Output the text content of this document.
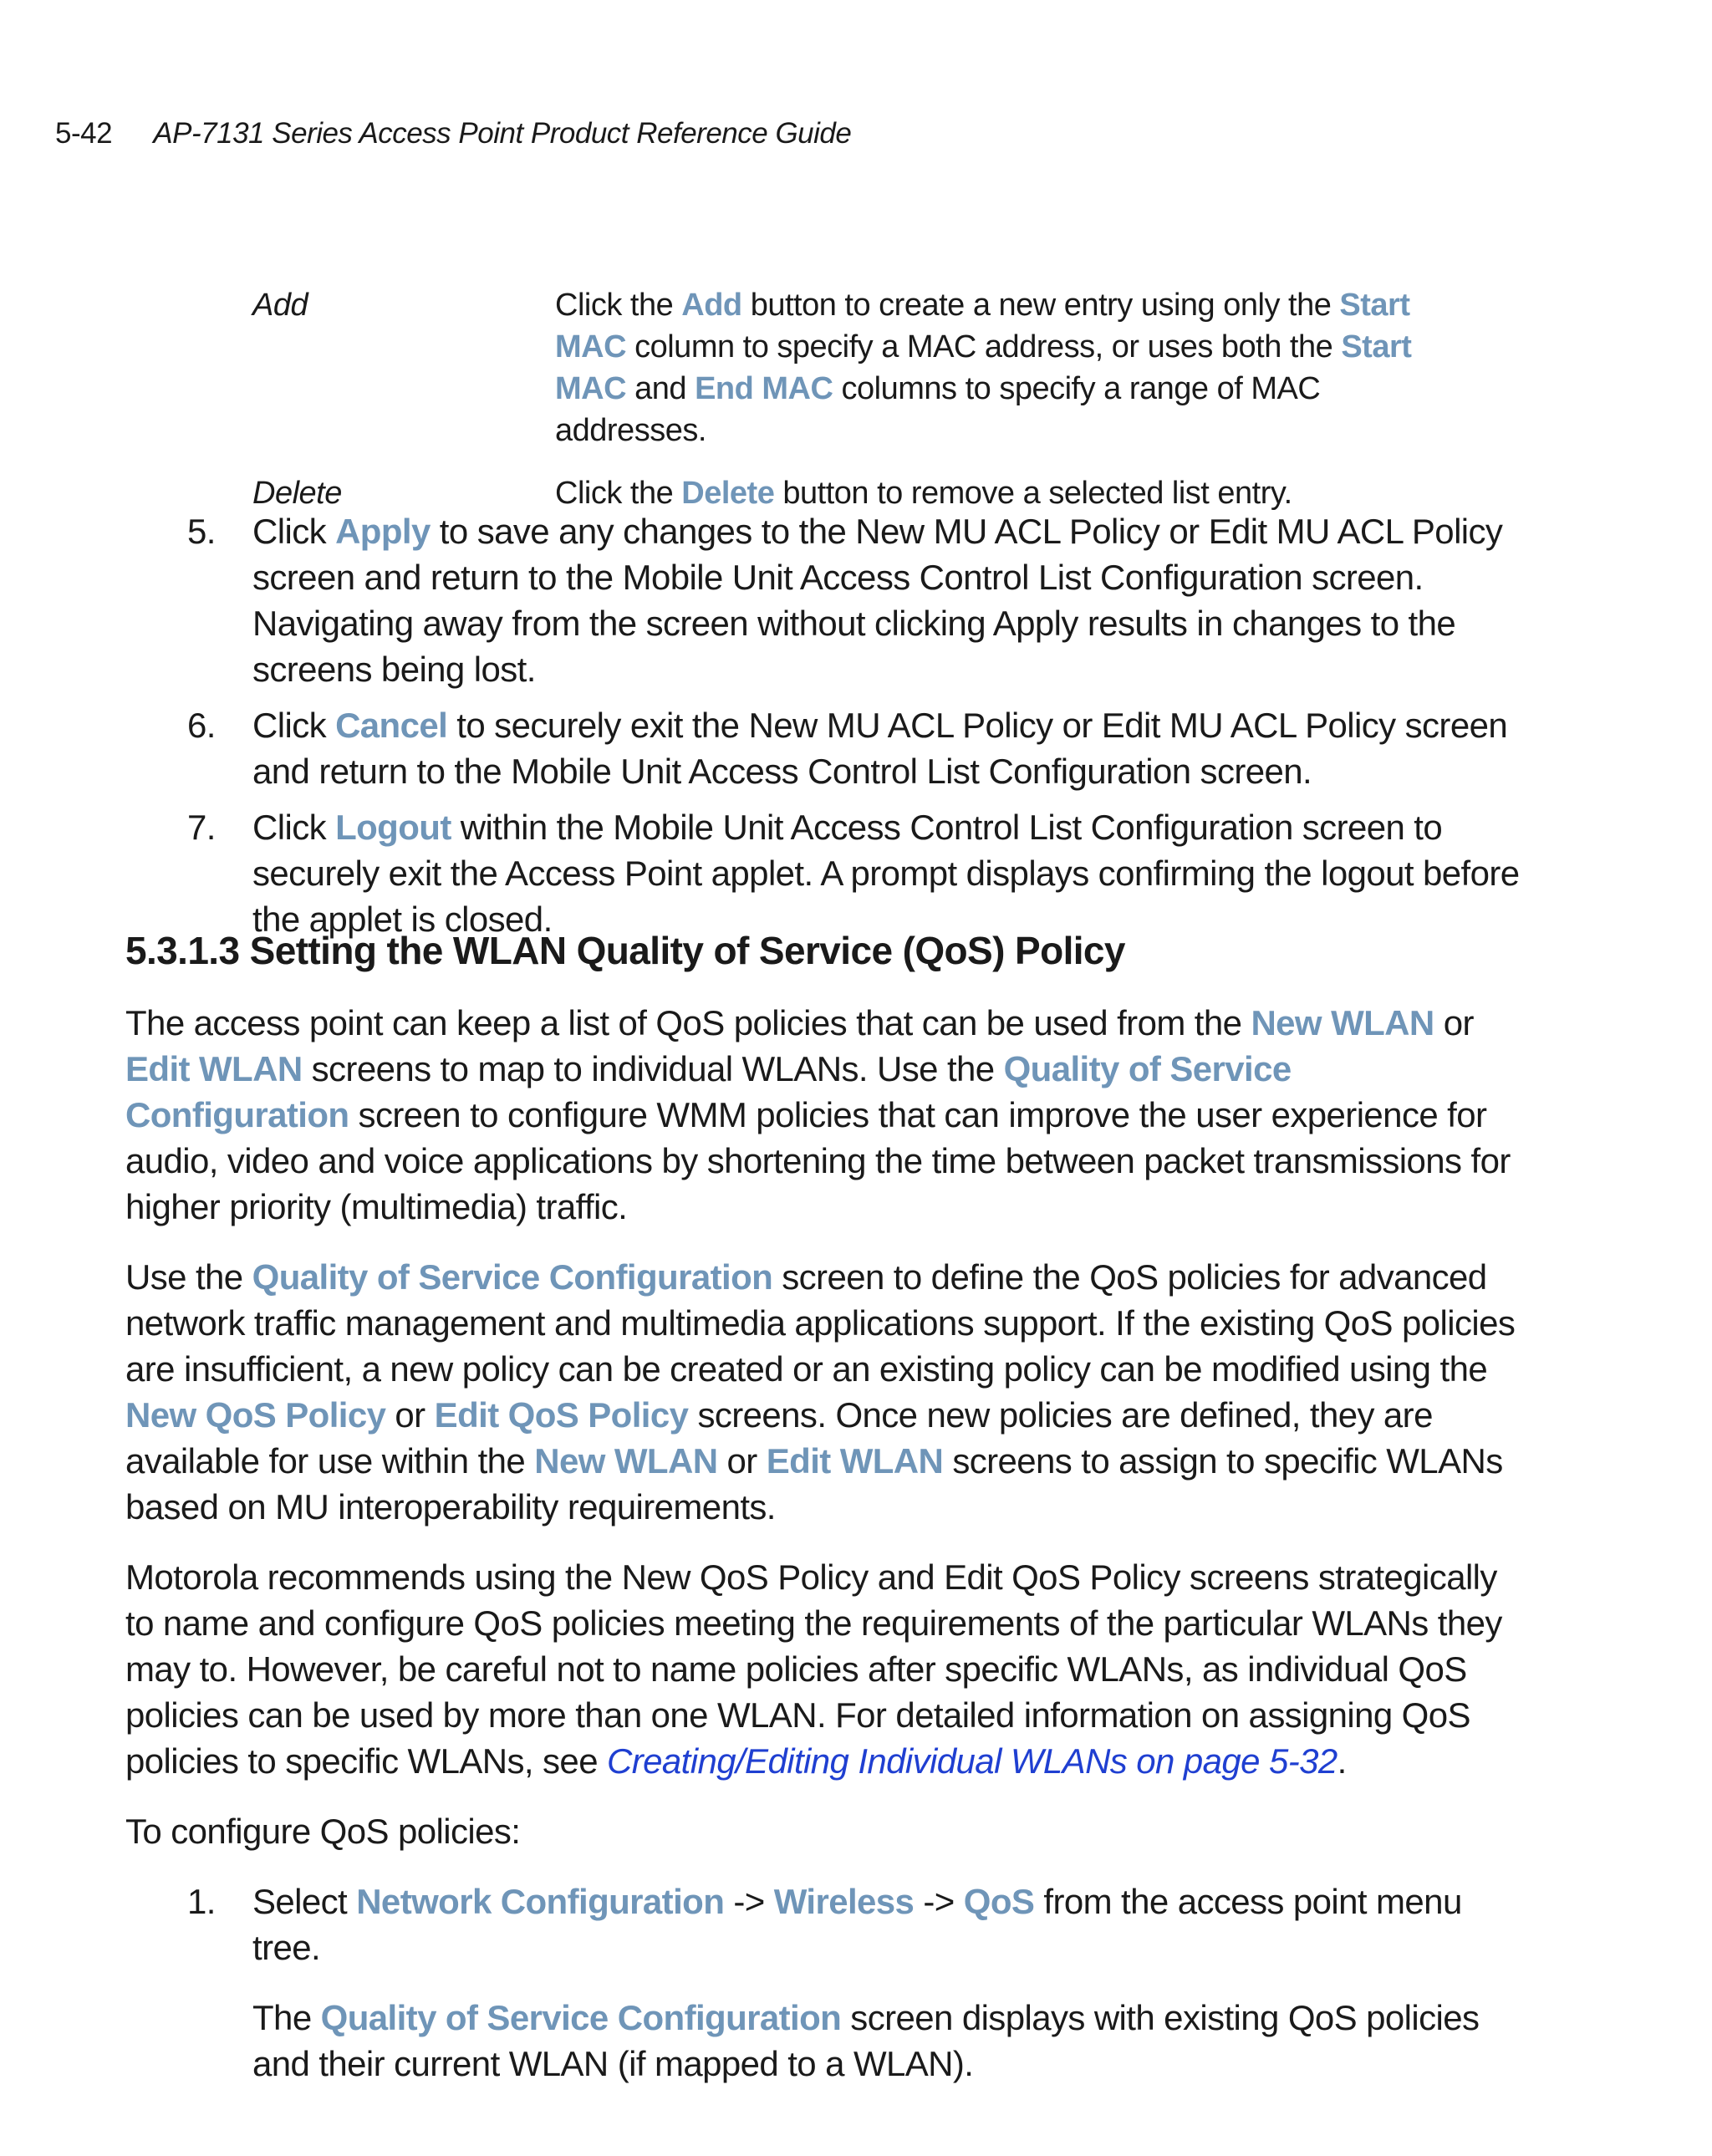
5-42 AP-7131 Series Access Point Product Reference Guide
Add	Click the Add button to create a new entry using only the Start MAC column to specify a MAC address, or uses both the Start MAC and End MAC columns to specify a range of MAC addresses.
Delete	Click the Delete button to remove a selected list entry.
5.	Click Apply to save any changes to the New MU ACL Policy or Edit MU ACL Policy screen and return to the Mobile Unit Access Control List Configuration screen. Navigating away from the screen without clicking Apply results in changes to the screens being lost.

6.	Click Cancel to securely exit the New MU ACL Policy or Edit MU ACL Policy screen and return to the Mobile Unit Access Control List Configuration screen.

7.	Click Logout within the Mobile Unit Access Control List Configuration screen to securely exit the Access Point applet. A prompt displays confirming the logout before the applet is closed.

5.3.1.3 Setting the WLAN Quality of Service (QoS) Policy

The access point can keep a list of QoS policies that can be used from the New WLAN or Edit WLAN screens to map to individual WLANs. Use the Quality of Service Configuration screen to configure WMM policies that can improve the user experience for audio, video and voice applications by shortening the time between packet transmissions for higher priority (multimedia) traffic.

Use the Quality of Service Configuration screen to define the QoS policies for advanced network traffic management and multimedia applications support. If the existing QoS policies are insufficient, a new policy can be created or an existing policy can be modified using the New QoS Policy or Edit QoS Policy screens. Once new policies are defined, they are available for use within the New WLAN or Edit WLAN screens to assign to specific WLANs based on MU interoperability requirements.

Motorola recommends using the New QoS Policy and Edit QoS Policy screens strategically to name and configure QoS policies meeting the requirements of the particular WLANs they may to. However, be careful not to name policies after specific WLANs, as individual QoS policies can be used by more than one WLAN. For detailed information on assigning QoS policies to specific WLANs, see Creating/Editing Individual WLANs on page 5-32.

To configure QoS policies:

1.	Select Network Configuration -> Wireless -> QoS from the access point menu tree.

The Quality of Service Configuration screen displays with existing QoS policies and their current WLAN (if mapped to a WLAN).
